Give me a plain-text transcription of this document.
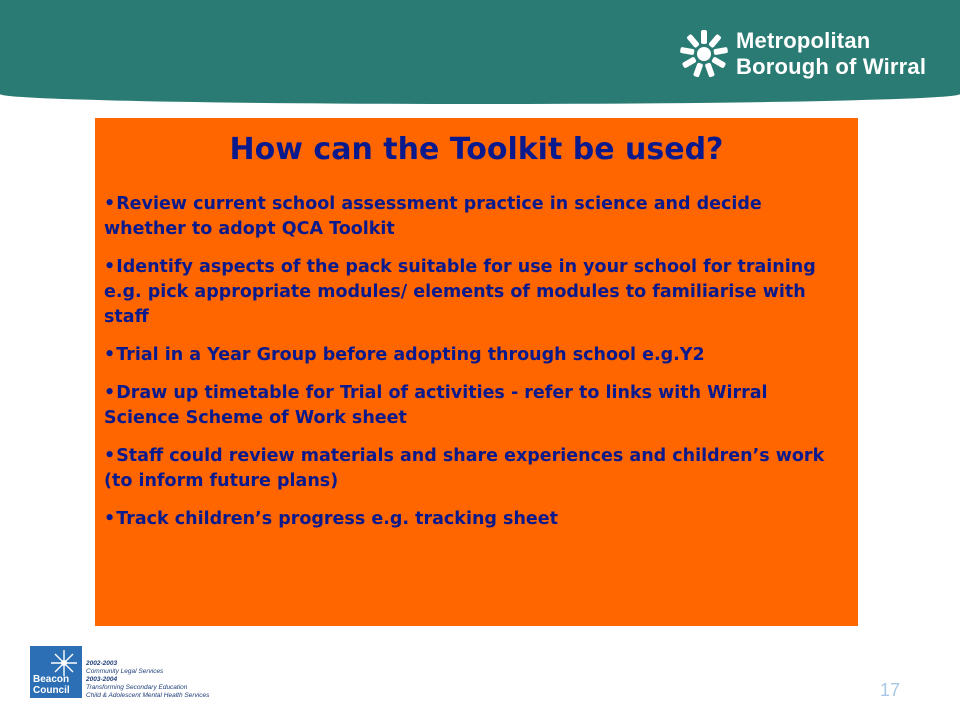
Metropolitan
Borough of Wirral
How can the Toolkit be used?
•Review current school assessment practice in science and decide whether to adopt QCA Toolkit
•Identify aspects of the pack suitable for use in your school for training e.g. pick appropriate modules/ elements of modules to familiarise with staff
•Trial in a Year Group before adopting through school e.g.Y2
•Draw up timetable for Trial of activities - refer to links with Wirral Science Scheme of Work sheet
•Staff could review materials and share experiences and children’s work (to inform future plans)
•Track children’s progress e.g. tracking sheet
Beacon
Council
2002-2003
Community Legal Services
2003-2004
Transforming Secondary Education
Child & Adolescent Mental Health Services	17
